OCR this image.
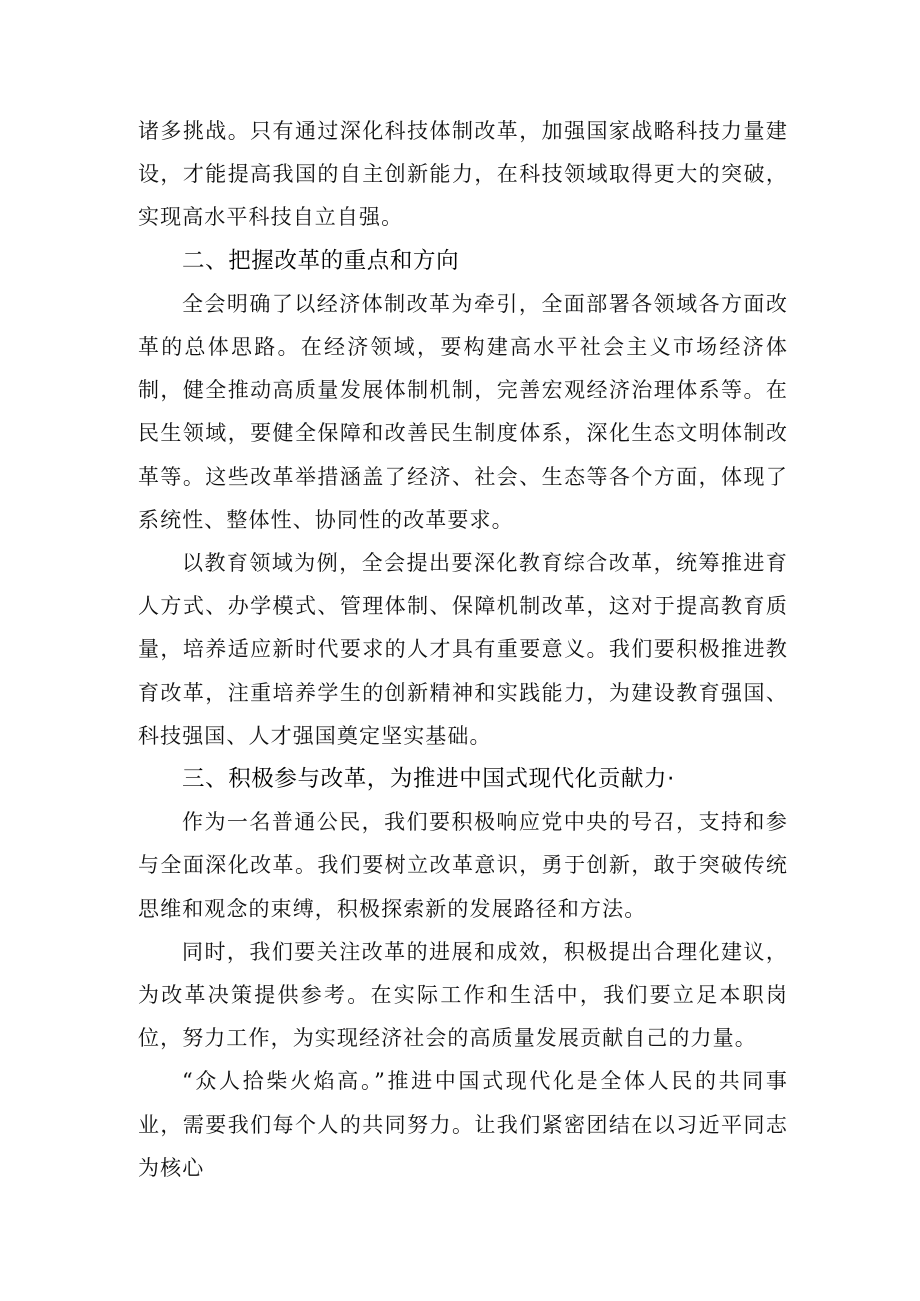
诸多挑战。只有通过深化科技体制改革，加强国家战略科技力量建设，才能提高我国的自主创新能力，在科技领域取得更大的突破，实现高水平科技自立自强。

二、把握改革的重点和方向

全会明确了以经济体制改革为牵引，全面部署各领域各方面改革的总体思路。在经济领域，要构建高水平社会主义市场经济体制，健全推动高质量发展体制机制，完善宏观经济治理体系等。在民生领域，要健全保障和改善民生制度体系，深化生态文明体制改革等。这些改革举措涵盖了经济、社会、生态等各个方面，体现了系统性、整体性、协同性的改革要求。

以教育领域为例，全会提出要深化教育综合改革，统筹推进育人方式、办学模式、管理体制、保障机制改革，这对于提高教育质量，培养适应新时代要求的人才具有重要意义。我们要积极推进教育改革，注重培养学生的创新精神和实践能力，为建设教育强国、科技强国、人才强国奠定坚实基础。

三、积极参与改革，为推进中国式现代化贡献力·

作为一名普通公民，我们要积极响应党中央的号召，支持和参与全面深化改革。我们要树立改革意识，勇于创新，敢于突破传统思维和观念的束缚，积极探索新的发展路径和方法。

同时，我们要关注改革的进展和成效，积极提出合理化建议，为改革决策提供参考。在实际工作和生活中，我们要立足本职岗位，努力工作，为实现经济社会的高质量发展贡献自己的力量。

“众人拾柴火焰高。”推进中国式现代化是全体人民的共同事业，需要我们每个人的共同努力。让我们紧密团结在以习近平同志为核心
